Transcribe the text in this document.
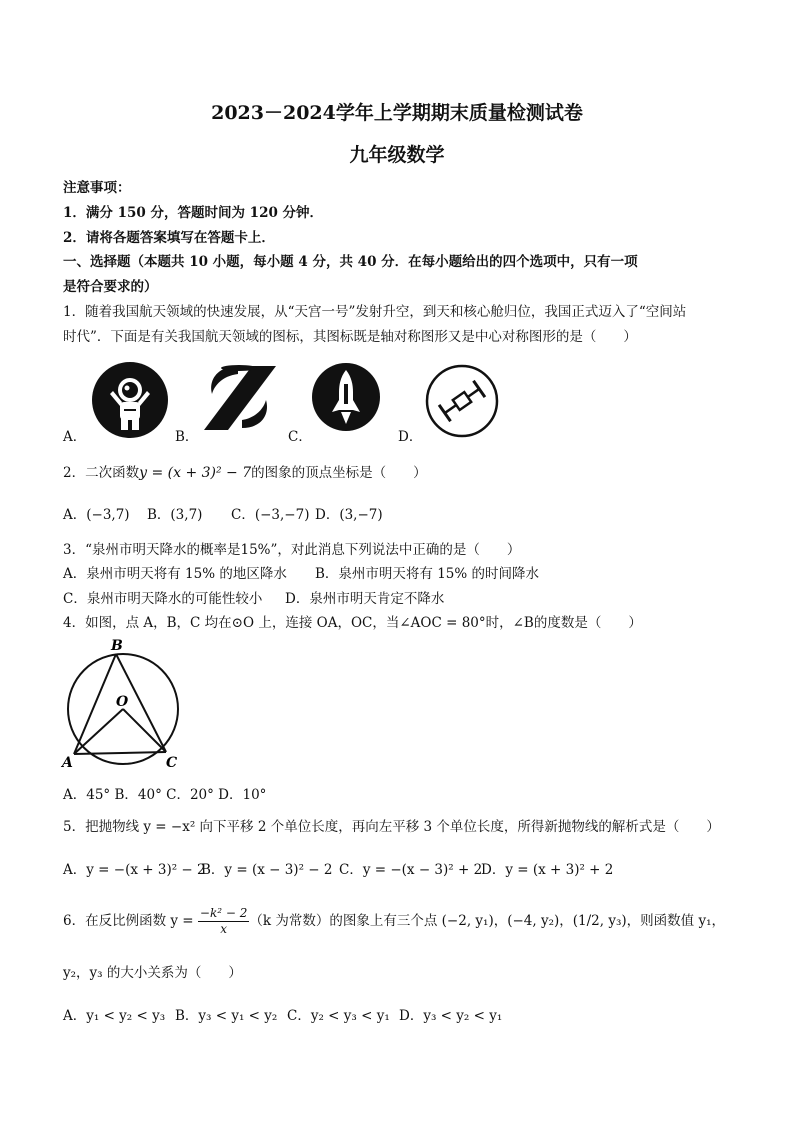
2023－2024学年上学期期末质量检测试卷
九年级数学
注意事项：
1．满分 150 分，答题时间为 120 分钟．
2．请将各题答案填写在答题卡上．
一、选择题（本题共 10 小题，每小题 4 分，共 40 分．在每小题给出的四个选项中，只有一项
是符合要求的）
1．随着我国航天领域的快速发展，从“天宫一号”发射升空，到天和核心舱归位，我国正式迈入了“空间站
时代”．下面是有关我国航天领域的图标，其图标既是轴对称图形又是中心对称图形的是（　　）
A．	B．	C．	D．
2．二次函数y = (x + 3)² − 7的图象的顶点坐标是（　　）
A．(−3,7) B．(3,7) C．(−3,−7) D．(3,−7)
3．“泉州市明天降水的概率是15%”，对此消息下列说法中正确的是（　　）
A．泉州市明天将有 15% 的地区降水 B．泉州市明天将有 15% 的时间降水
C．泉州市明天降水的可能性较小 D．泉州市明天肯定不降水
4．如图，点 A，B，C 均在⊙O 上，连接 OA，OC，当∠AOC = 80°时，∠B的度数是（　　）
B
O
A	C
A．45° B．40° C．20° D．10°
5．把抛物线 y = −x² 向下平移 2 个单位长度，再向左平移 3 个单位长度，所得新抛物线的解析式是（　　）
A．y = −(x + 3)² − 2B．y = (x − 3)² − 2 C．y = −(x − 3)² + 2D．y = (x + 3)² + 2
6．在反比例函数 $y = \frac{\text{−k² − 2}}{x} (k$ 为常数）的图象上有三个点 (−2, y₁)，(−4, y₂)，(1/2, y₃)，则函数值 y₁，
y₂，y₃ 的大小关系为（　　）
A．y₁ < y₂ < y₃ B．y₃ < y₁ < y₂ C．y₂ < y₃ < y₁ D．y₃ < y₂ < y₁
